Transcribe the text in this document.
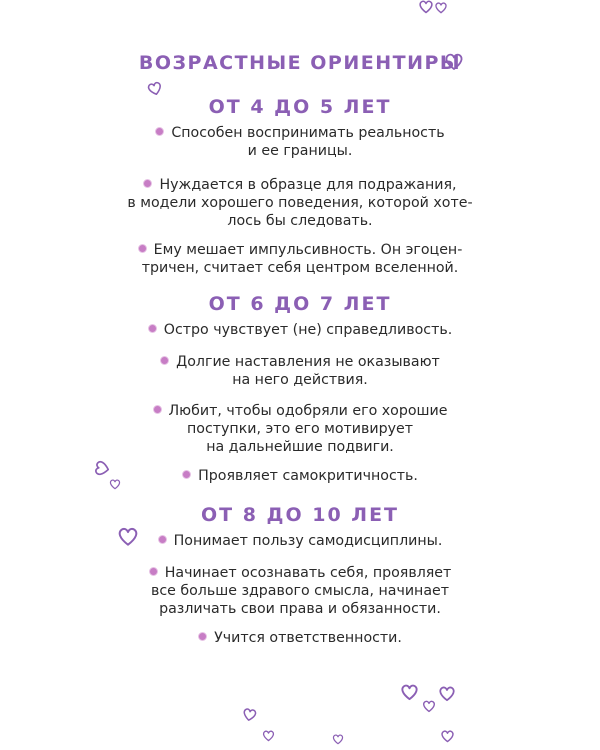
ВОЗРАСТНЫЕ ОРИЕНТИРЫ
ОТ 4 ДО 5 ЛЕТ
Способен воспринимать реальность
и ее границы.
Нуждается в образце для подражания,
в модели хорошего поведения, которой хоте-
лось бы следовать.
Ему мешает импульсивность. Он эгоцен-
тричен, считает себя центром вселенной.
ОТ 6 ДО 7 ЛЕТ
Остро чувствует (не) справедливость.
Долгие наставления не оказывают
на него действия.
Любит, чтобы одобряли его хорошие
поступки, это его мотивирует
на дальнейшие подвиги.
Проявляет самокритичность.
ОТ 8 ДО 10 ЛЕТ
Понимает пользу самодисциплины.
Начинает осознавать себя, проявляет
все больше здравого смысла, начинает
различать свои права и обязанности.
Учится ответственности.
